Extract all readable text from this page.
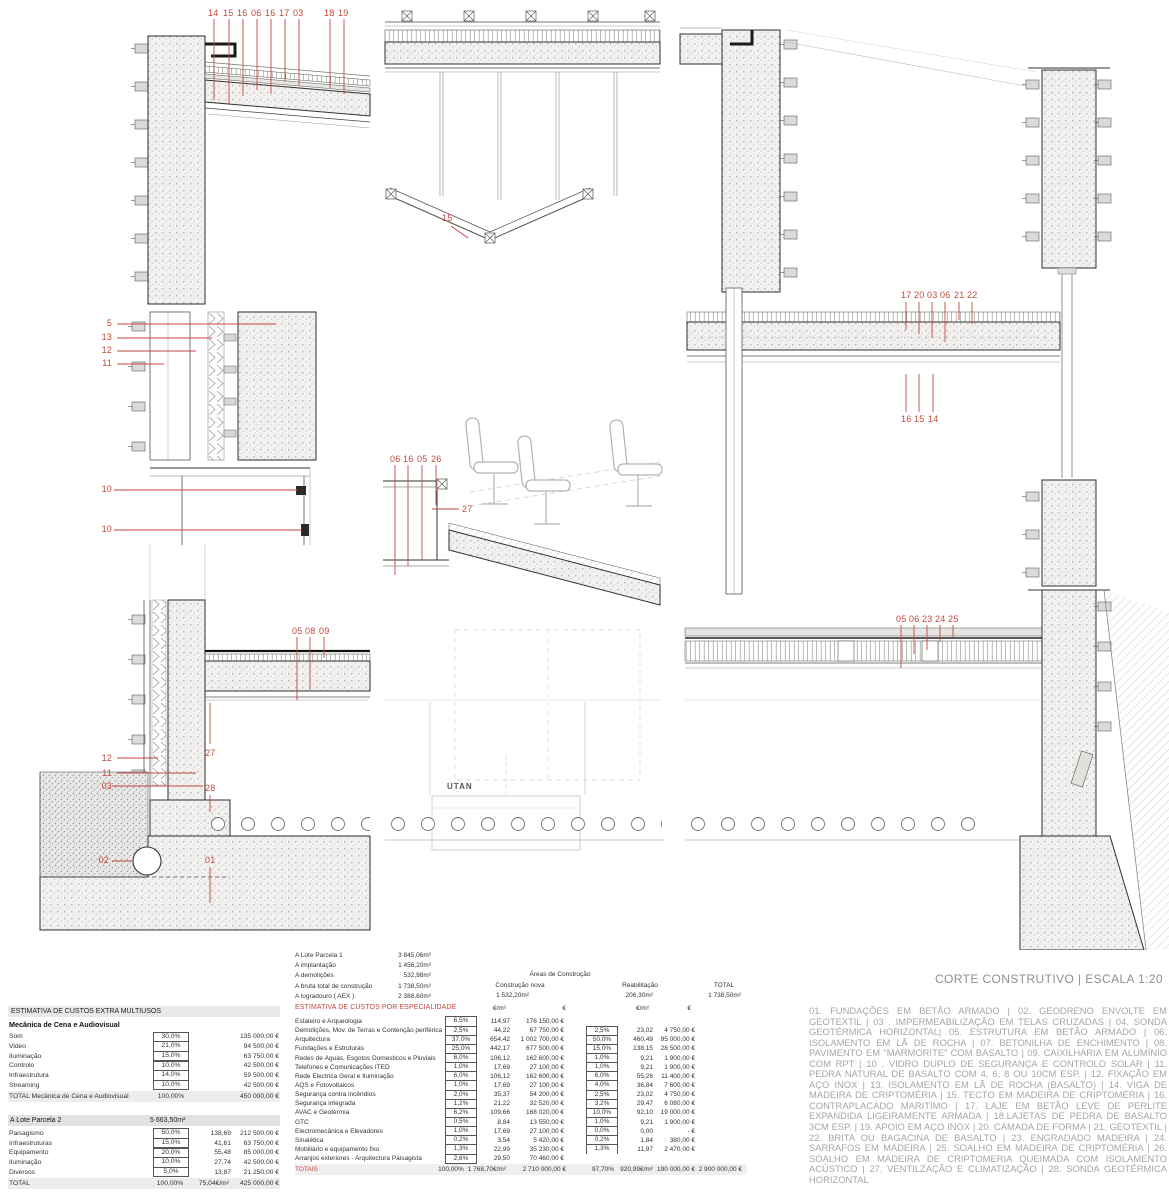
14 15 16 06 16 17 03 18 19
5
13
12
11
10
10
15
06 16 05 26
27
17 20 03 06 21 22
16 15 14
05 08 09
05 06 23 24 25
12
11
03
27
28
02	01
UTAN
ESTIMATIVA DE CUSTOS EXTRA MULTIUSOS
Mecânica de Cena e Audiovisual
Som	30,0%	135 000,00 €
Video	21,0%	94 500,00 €
Iluminação	15,0%	63 750,00 €
Controlo	10,0%	42 500,00 €
Infraestrutura	14,0%	59 500,00 €
Streaming	10,0%	42 500,00 €
TOTAL Mecânica de Cena e Audiovisual	100,00%	450 000,00 €
A Lote Parcela 2	5 663,50m²
Paisagismo	50,0%	138,69	212 500,00 €
Infraestruturas	15,0%	41,61	63 750,00 €
Equipamento	20,0%	55,48	85 000,00 €
Iluminação	10,0%	27,74	42 500,00 €
Diversos	5,0%	13,87	21 250,00 €
TOTAL	100,00%	75,04€/m²	425 000,00 €
A Lote Parcela 1	3 845,06m²
A implantação	1 456,20m²
A demolições	532,98m²
A bruta total de construção	1 738,50m²
A logradouro ( AEX )	2 388,60m²
Áreas de Construção
Construção nova	Reabilitação	TOTAL
1 532,20m²	206,30m²	1 738,50m²
ESTIMATIVA DE CUSTOS POR ESPECIALIDADE	€/m²	€	€/m²	€
Estaleiro e Arqueologia	6,5%	114,97	176 150,00 €
Demolições, Mov. de Terras e Contenção periférica	2,5%	44,22	67 750,00 €	2,5%	23,02	4 750,00 €
Arquitectura	37,0%	654,42	1 002 700,00 €	50,0%	460,49	95 000,00 €
Fundações e Estruturas	25,0%	442,17	677 500,00 €	15,0%	138,15	28 500,00 €
Redes de Águas, Esgotos Domesticos e Pluviais	6,0%	106,12	162 600,00 €	1,0%	9,21	1 900,00 €
Telefones e Comunicações ITED	1,0%	17,69	27 100,00 €	1,0%	9,21	1 900,00 €
Rede Electrica Geral e Iluminação	6,0%	106,12	162 600,00 €	6,0%	55,26	11 400,00 €
AQS e Fotovoltaicos	1,0%	17,69	27 100,00 €	4,0%	36,84	7 600,00 €
Segurança contra incêndios	2,0%	35,37	54 200,00 €	2,5%	23,02	4 750,00 €
Segurança integrada	1,2%	21,22	32 520,00 €	3,2%	29,47	6 080,00 €
AVAC e Geotermia	6,2%	109,66	168 020,00 €	10,0%	92,10	19 000,00 €
GTC	0,5%	8,84	13 550,00 €	1,0%	9,21	1 900,00 €
Electromecânica e Elevadores	1,0%	17,69	27 100,00 €	0,0%	0,00	- €
Sinalética	0,2%	3,54	5 420,00 €	0,2%	1,84	380,00 €
Mobiliário e equipamento fixo	1,3%	22,99	35 230,00 €	1,3%	11,97	2 470,00 €
Arranjos exteriores - Arquitectura Paisagista	2,6%	29,50	70 460,00 €
TOTAIS	100,00% 1 768,70€/m²	2 710 000,00 €	97,70% 920,99€/m² 190 000,00 € 2 900 000,00 €
CORTE CONSTRUTIVO | ESCALA 1:20

01. FUNDAÇÕES EM BETÃO ARMADO | 02. GEODRENO ENVOLTE EM GEOTEXTIL | 03 . IMPERMEABILIZAÇÃO EM TELAS CRUZADAS | 04. SONDA GEOTÉRMICA HORIZONTAL| 05. ESTRUTURA EM BETÃO ARMADO | 06. ISOLAMENTO EM LÃ DE ROCHA | 07. BETONILHA DE ENCHIMENTO | 08. PAVIMENTO EM "MARMORITE" COM BASALTO | 09. CAIXILHARIA EM ALUMÍNIO COM RPT | 10 . VIDRO DUPLO DE SEGURANÇA E CONTROLO SOLAR | 11. PEDRA NATURAL DE BASALTO COM 4, 6, 8 OU 10CM ESP. | 12. FIXAÇÃO EM AÇO INOX | 13. ISOLAMENTO EM LÃ DE ROCHA (BASALTO) | 14. VIGA DE MADEIRA DE CRIPTOMÉRIA | 15. TECTO EM MADEIRA DE CRIPTOMÉRIA | 16. CONTRAPLACADO MARITÍMO | 17. LAJE EM BETÃO LEVE DE PERLITE EXPANDIDA LIGEIRAMENTE ARMADA | 18.LAJETAS DE PEDRA DE BASALTO 3CM ESP. | 19. APOIO EM AÇO INOX | 20. CAMADA DE FORMA | 21. GEOTEXTIL | 22. BRITA OU BAGACINA DE BASALTO | 23. ENGRADADO MADEIRA | 24. SARRAFOS EM MADEIRA | 25. SOALHO EM MADEIRA DE CRIPTOMÉRIA | 26. SOALHO EM MADEIRA DE CRIPTOMERIA QUEIMADA COM ISOLAMENTO ACÚSTICO | 27. VENTILZAÇÃO E CLIMATIZAÇÃO | 28. SONDA GEOTÉRMICA HORIZONTAL
